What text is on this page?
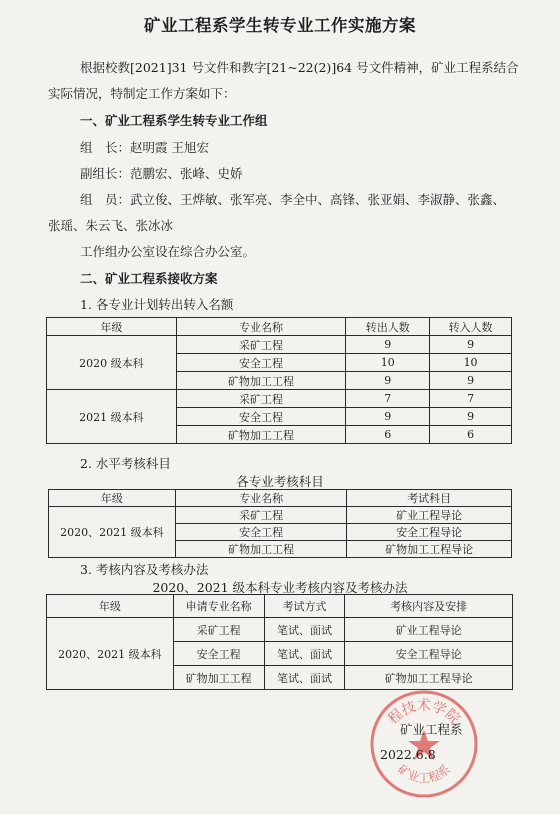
矿业工程系学生转专业工作实施方案
根据校教[2021]31 号文件和教字[21~22(2)]64 号文件精神，矿业工程系结合
实际情况，特制定工作方案如下：
一、矿业工程系学生转专业工作组
组　长：赵明霞 王旭宏
副组长：范鹏宏、张峰、史娇
组　员：武立俊、王烨敏、张军亮、李全中、高锋、张亚娟、李淑静、张鑫、
张瑶、朱云飞、张冰冰
工作组办公室设在综合办公室。
二、矿业工程系接收方案
1. 各专业计划转出转入名额
年级	专业名称	转出人数	转入人数
2020 级本科	采矿工程	9	9
	安全工程	10	10
	矿物加工工程	9	9
2021 级本科	采矿工程	7	7
	安全工程	9	9
	矿物加工工程	6	6
2. 水平考核科目
各专业考核科目
年级	专业名称	考试科目
2020、2021 级本科	采矿工程	矿业工程导论
	安全工程	安全工程导论
	矿物加工工程	矿物加工工程导论
3. 考核内容及考核办法
2020、2021 级本科专业考核内容及考核办法
年级	申请专业名称	考试方式	考核内容及安排
2020、2021 级本科	采矿工程	笔试、面试	矿业工程导论
	安全工程	笔试、面试	安全工程导论
	矿物加工工程	笔试、面试	矿物加工工程导论
程技术学院
矿业工程系
矿业工程系
2022.6.8
